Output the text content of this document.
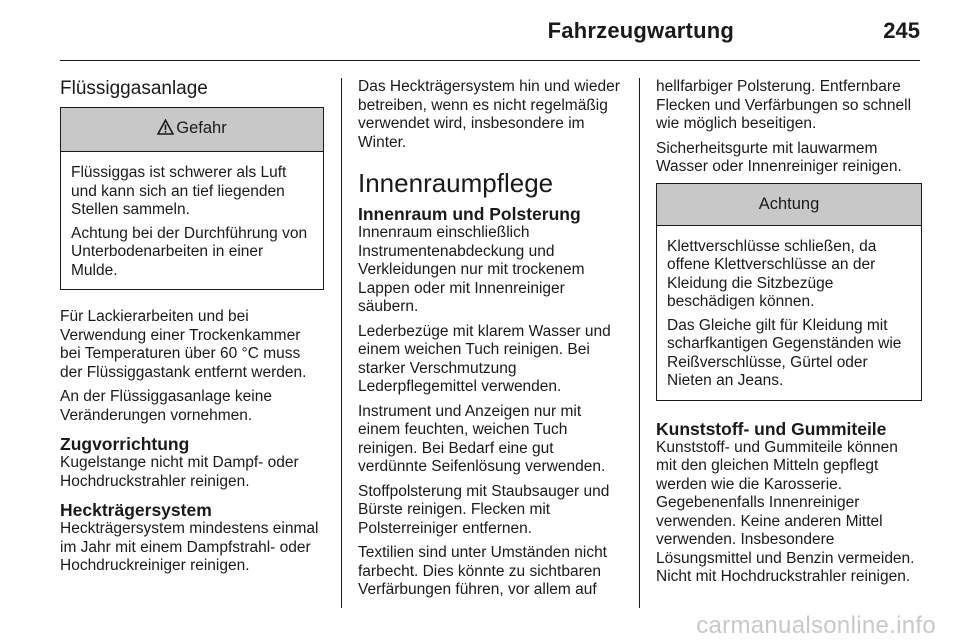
Fahrzeugwartung	245
Flüssiggasanlage
Gefahr

Flüssiggas ist schwerer als Luft und kann sich an tief liegenden Stellen sammeln.

Achtung bei der Durchführung von Unterbodenarbeiten in einer Mulde.

Für Lackierarbeiten und bei Verwendung einer Trockenkammer bei Temperaturen über 60 °C muss der Flüssiggastank entfernt werden.

An der Flüssiggasanlage keine Veränderungen vornehmen.

Zugvorrichtung

Kugelstange nicht mit Dampf- oder Hochdruckstrahler reinigen.

Heckträgersystem

Heckträgersystem mindestens einmal im Jahr mit einem Dampfstrahl- oder Hochdruckreiniger reinigen.

Das Heckträgersystem hin und wieder betreiben, wenn es nicht regelmäßig verwendet wird, insbesondere im Winter.

Innenraumpflege
Innenraum und Polsterung

Innenraum einschließlich Instrumentenabdeckung und Verkleidungen nur mit trockenem Lappen oder mit Innenreiniger säubern.

Lederbezüge mit klarem Wasser und einem weichen Tuch reinigen. Bei starker Verschmutzung Lederpflegemittel verwenden.

Instrument und Anzeigen nur mit einem feuchten, weichen Tuch reinigen. Bei Bedarf eine gut verdünnte Seifenlösung verwenden.

Stoffpolsterung mit Staubsauger und Bürste reinigen. Flecken mit Polsterreiniger entfernen.

Textilien sind unter Umständen nicht farbecht. Dies könnte zu sichtbaren Verfärbungen führen, vor allem auf

hellfarbiger Polsterung. Entfernbare Flecken und Verfärbungen so schnell wie möglich beseitigen.

Sicherheitsgurte mit lauwarmem Wasser oder Innenreiniger reinigen.

Achtung

Klettverschlüsse schließen, da offene Klettverschlüsse an der Kleidung die Sitzbezüge beschädigen können.

Das Gleiche gilt für Kleidung mit scharfkantigen Gegenständen wie Reißverschlüsse, Gürtel oder Nieten an Jeans.

Kunststoff- und Gummiteile

Kunststoff- und Gummiteile können mit den gleichen Mitteln gepflegt werden wie die Karosserie. Gegebenenfalls Innenreiniger verwenden. Keine anderen Mittel verwenden. Insbesondere Lösungsmittel und Benzin vermeiden. Nicht mit Hochdruckstrahler reinigen.

carmanualsonline.info
